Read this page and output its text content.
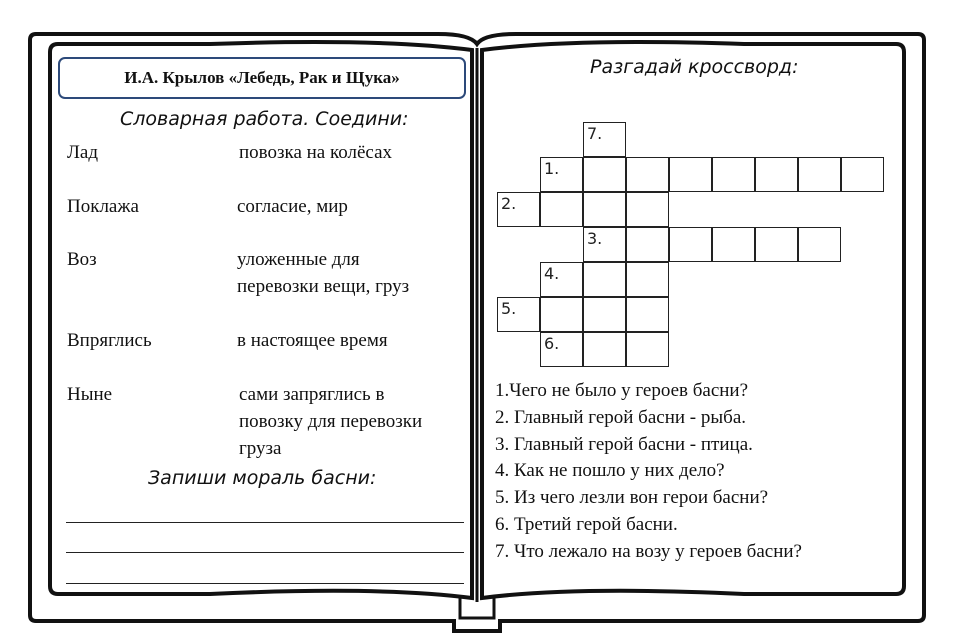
И.А. Крылов «Лебедь, Рак и Щука»
Словарная работа. Соедини:
Лад	повозка на колёсах
Поклажа	согласие, мир
Воз	уложенные для
перевозки вещи, груз
Впряглись	в настоящее время
Ныне	сами запряглись в
повозку для перевозки
груза
Запиши мораль басни:
Разгадай кроссворд:
7.
1.
2.
3.
4.
5.
6.
1.Чего не было у героев басни?
2. Главный герой басни - рыба.
3. Главный герой басни - птица.
4. Как не пошло у них дело?
5. Из чего лезли вон герои басни?
6. Третий герой басни.
7. Что лежало на возу у героев басни?
